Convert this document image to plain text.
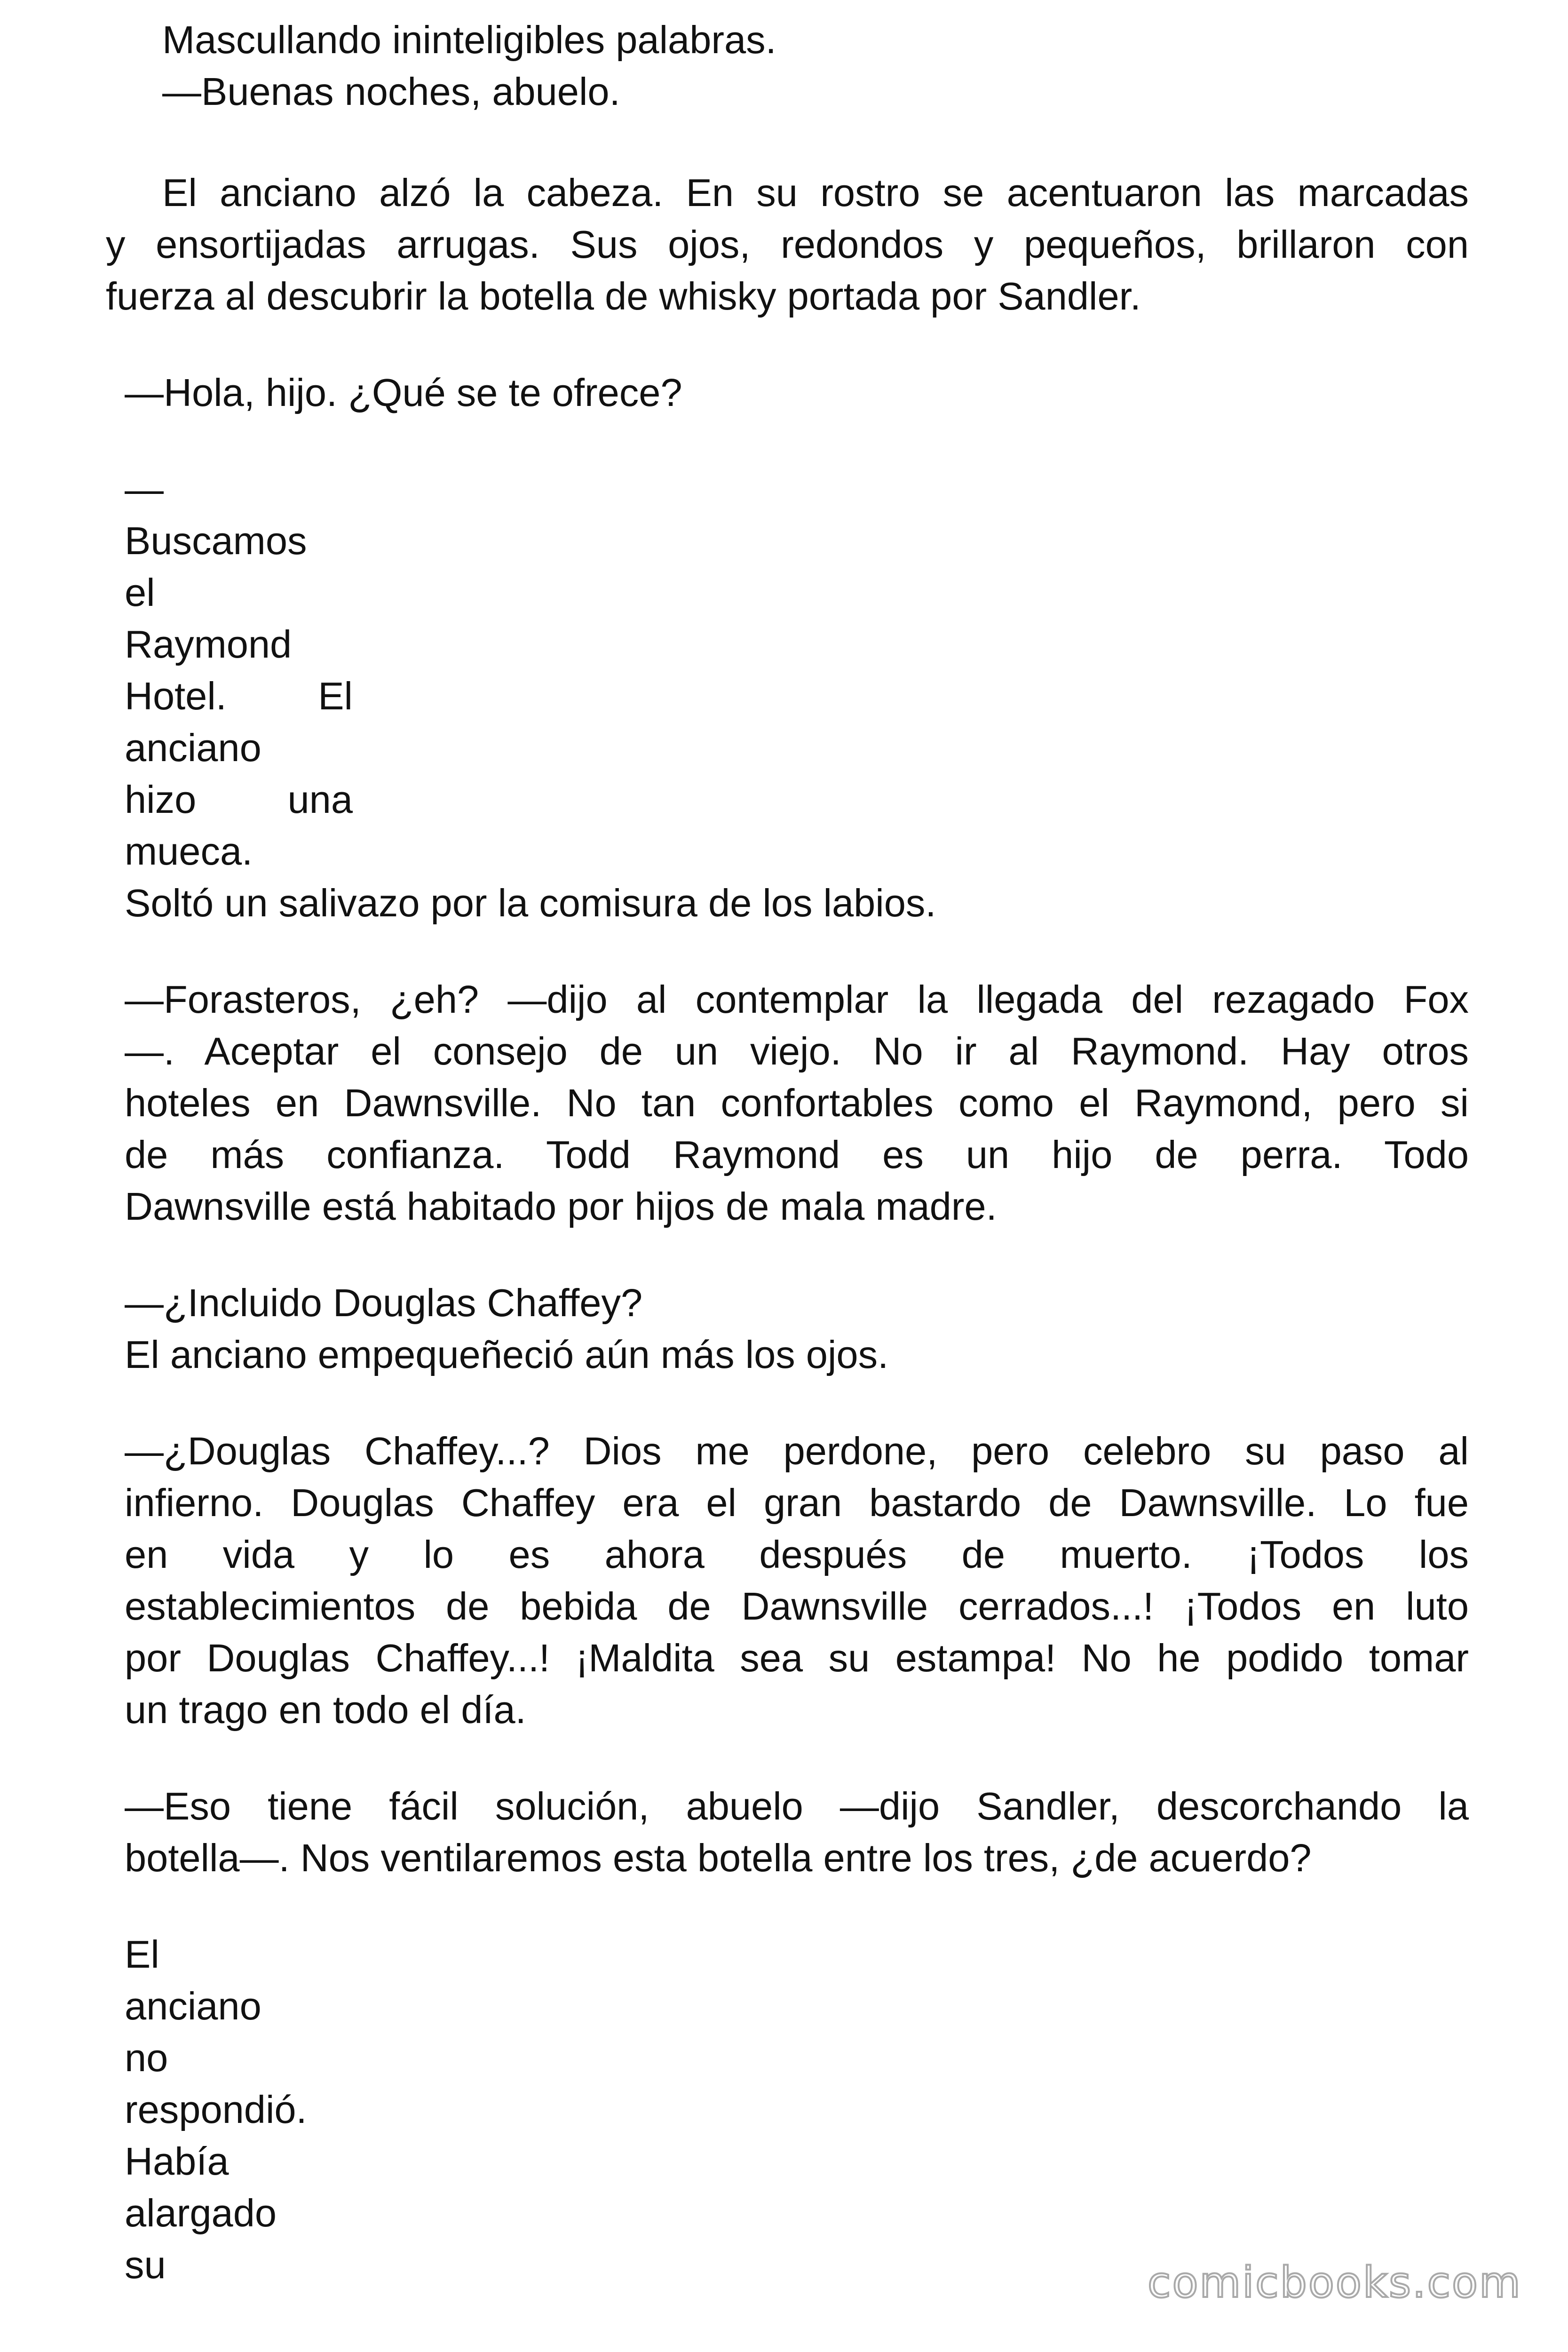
Mascullando ininteligibles palabras.

—Buenas noches, abuelo.

El anciano alzó la cabeza. En su rostro se acentuaron las marcadas

y ensortijadas arrugas. Sus ojos, redondos y pequeños, brillaron con

fuerza al descubrir la botella de whisky portada por Sandler.

—Hola, hijo. ¿Qué se te ofrece?

—
Buscamos
el
Raymond
Hotel. El
anciano
hizo una
mueca.

Soltó un salivazo por la comisura de los labios.

—Forasteros, ¿eh? —dijo al contemplar la llegada del rezagado Fox

—. Aceptar el consejo de un viejo. No ir al Raymond. Hay otros

hoteles en Dawnsville. No tan confortables como el Raymond, pero si

de más confianza. Todd Raymond es un hijo de perra. Todo

Dawnsville está habitado por hijos de mala madre.

—¿Incluido Douglas Chaffey?

El anciano empequeñeció aún más los ojos.

—¿Douglas Chaffey...? Dios me perdone, pero celebro su paso al

infierno. Douglas Chaffey era el gran bastardo de Dawnsville. Lo fue

en vida y lo es ahora después de muerto. ¡Todos los

establecimientos de bebida de Dawnsville cerrados...! ¡Todos en luto

por Douglas Chaffey...! ¡Maldita sea su estampa! No he podido tomar

un trago en todo el día.

—Eso tiene fácil solución, abuelo —dijo Sandler, descorchando la

botella—. Nos ventilaremos esta botella entre los tres, ¿de acuerdo?

El
anciano
no
respondió.
Había
alargado
su	comicbooks.com
